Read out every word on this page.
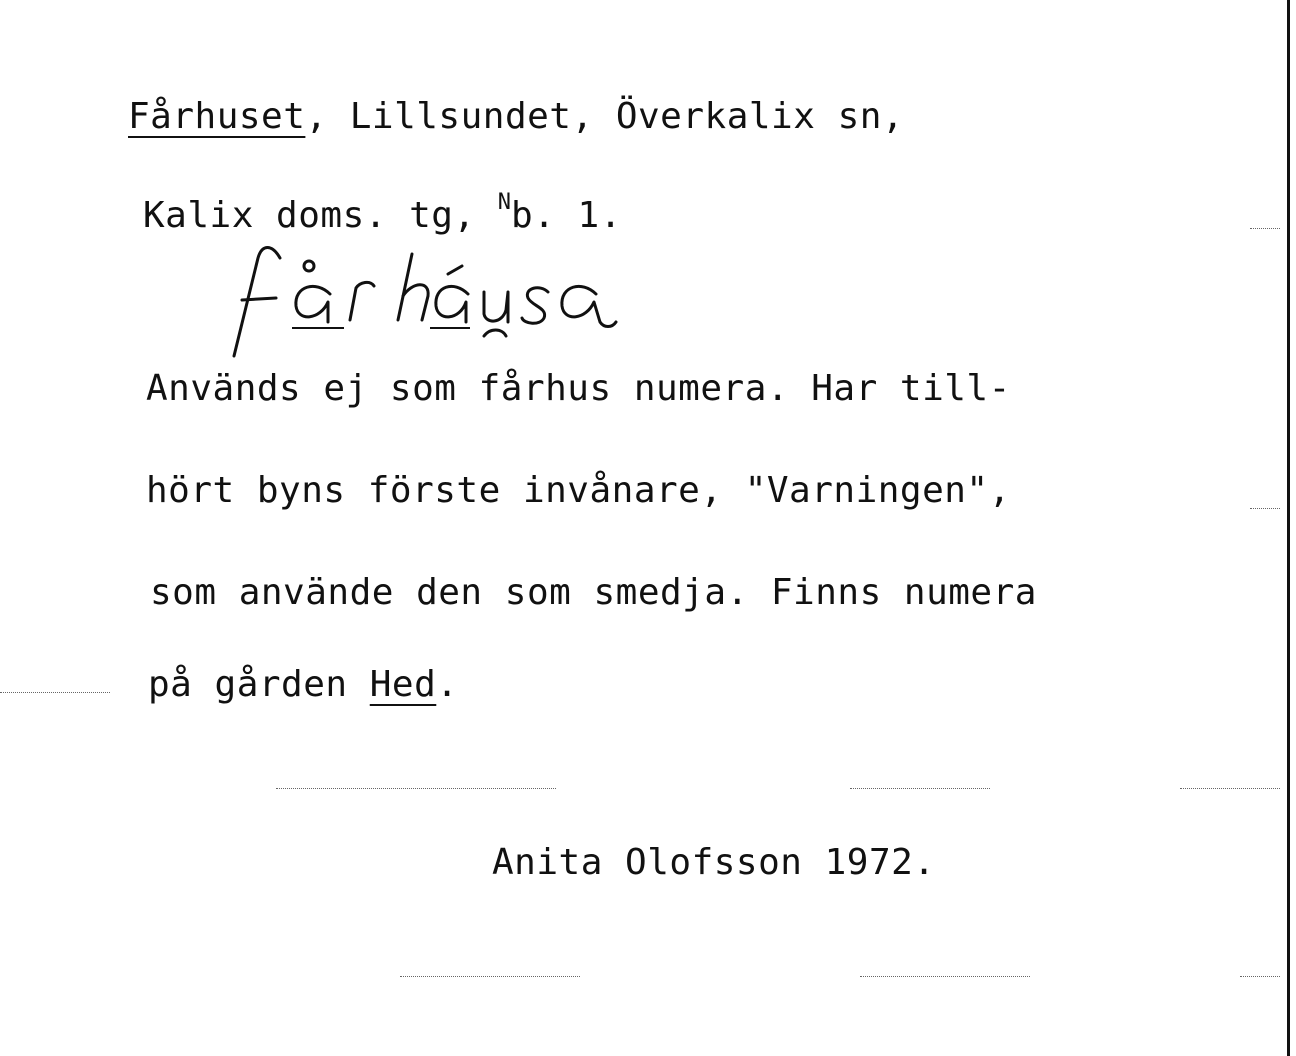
Fårhuset, Lillsundet, Överkalix sn,
Kalix doms. tg, $^N$b. 1.
fårhäusa
Används ej som fårhus numera. Har till-
hört byns förste invånare, "Varningen",
som använde den som smedja. Finns numera
på gården Hed.
Anita Olofsson 1972.
